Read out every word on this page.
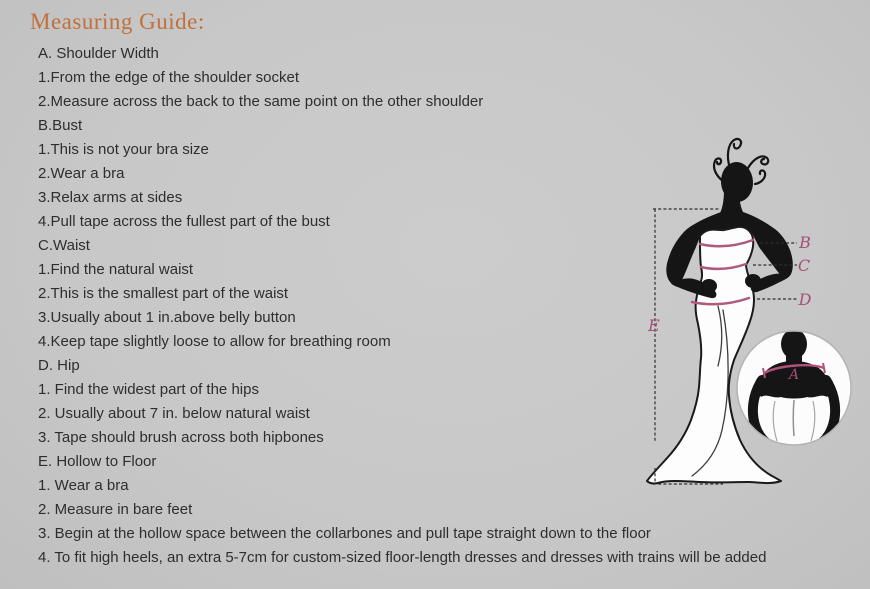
Measuring Guide:
A. Shoulder Width
1.From the edge of the shoulder socket
2.Measure across the back to the same point on the other shoulder
B.Bust
1.This is not your bra size
2.Wear a bra
3.Relax arms at sides
4.Pull tape across the fullest part of the bust
C.Waist
1.Find the natural waist
2.This is the smallest part of the waist
3.Usually about 1 in.above belly button
4.Keep tape slightly loose to allow for breathing room
D. Hip
1. Find the widest part of the hips
2. Usually about 7 in. below natural waist
3. Tape should brush across both hipbones
E. Hollow to Floor
1. Wear a bra
2. Measure in bare feet
3. Begin at the hollow space between the collarbones and pull tape straight down to the floor
4. To fit high heels, an extra 5-7cm for custom-sized floor-length dresses and dresses with trains will be added
A
B
C
D
E
